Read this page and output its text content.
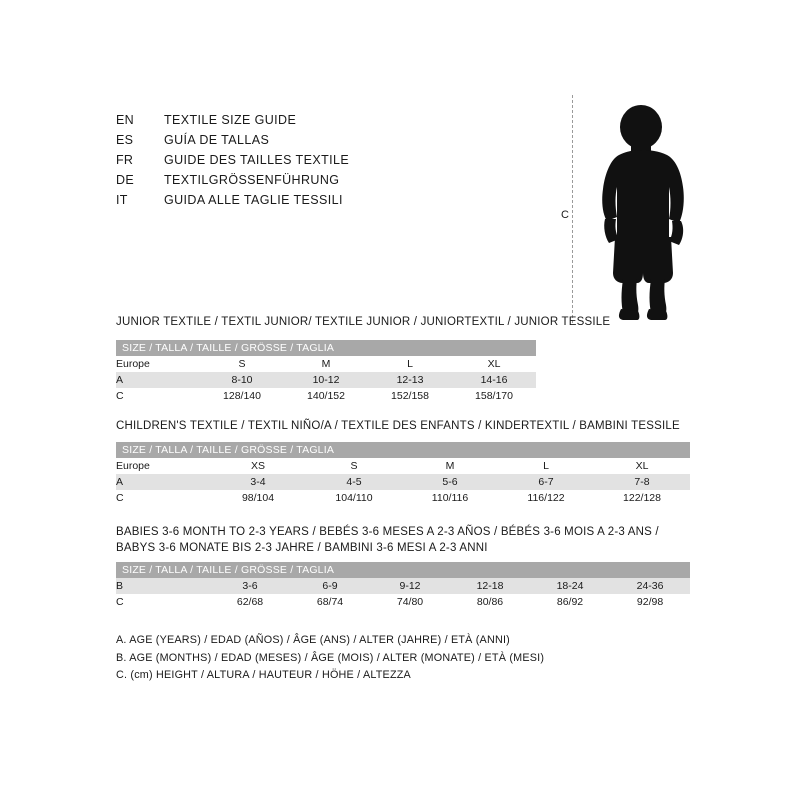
EN	TEXTILE SIZE GUIDE
ES	GUÍA DE TALLAS
FR	GUIDE DES TAILLES TEXTILE
DE	TEXTILGRÖSSENFÜHRUNG
IT	GUIDA ALLE TAGLIE TESSILI
C
JUNIOR TEXTILE / TEXTIL JUNIOR/ TEXTILE JUNIOR / JUNIORTEXTIL / JUNIOR TESSILE
SIZE / TALLA / TAILLE / GRÖSSE / TAGLIA				
Europe	S	M	L	XL
A	8-10	10-12	12-13	14-16
C	128/140	140/152	152/158	158/170
CHILDREN'S TEXTILE / TEXTIL NIÑO/A / TEXTILE DES ENFANTS / KINDERTEXTIL / BAMBINI TESSILE
SIZE / TALLA / TAILLE / GRÖSSE / TAGLIA					
Europe	XS	S	M	L	XL
A	3-4	4-5	5-6	6-7	7-8
C	98/104	104/110	110/116	116/122	122/128
BABIES 3-6 MONTH TO 2-3 YEARS / BEBÉS 3-6 MESES A 2-3 AÑOS / BÉBÉS 3-6 MOIS A 2-3 ANS /
BABYS 3-6 MONATE BIS 2-3 JAHRE / BAMBINI 3-6 MESI A 2-3 ANNI
SIZE / TALLA / TAILLE / GRÖSSE / TAGLIA						
B	3-6	6-9	9-12	12-18	18-24	24-36
C	62/68	68/74	74/80	80/86	86/92	92/98
A. AGE (YEARS) / EDAD (AÑOS) / ÂGE (ANS) / ALTER (JAHRE) / ETÀ (ANNI)
B. AGE (MONTHS) / EDAD (MESES) / ÂGE (MOIS) / ALTER (MONATE) / ETÀ (MESI)
C. (cm) HEIGHT / ALTURA / HAUTEUR / HÖHE / ALTEZZA
